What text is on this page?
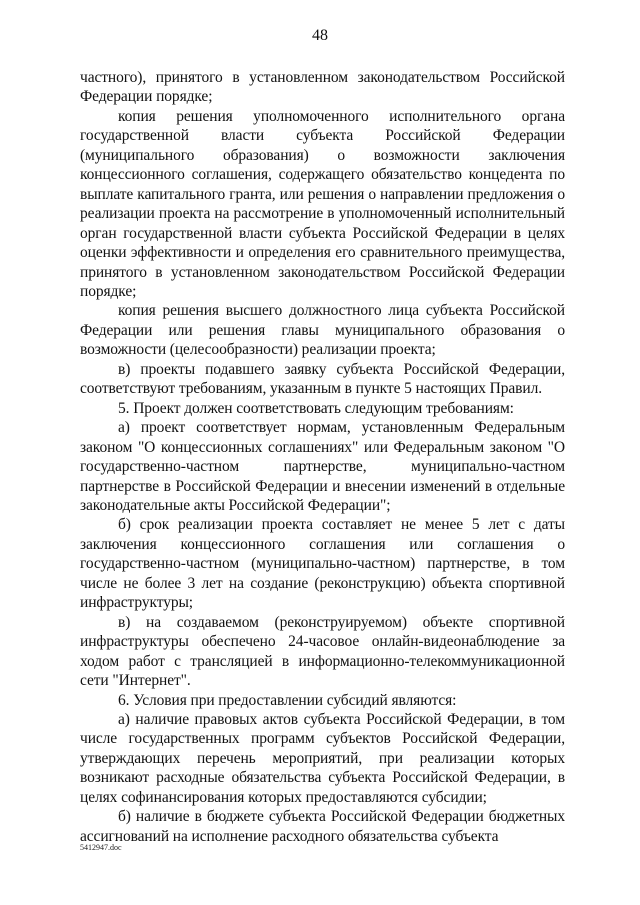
48

частного), принятого в установленном законодательством Российской Федерации порядке;

копия решения уполномоченного исполнительного органа государственной власти субъекта Российской Федерации (муниципального образования) о возможности заключения концессионного соглашения, содержащего обязательство концедента по выплате капитального гранта, или решения о направлении предложения о реализации проекта на рассмотрение в уполномоченный исполнительный орган государственной власти субъекта Российской Федерации в целях оценки эффективности и определения его сравнительного преимущества, принятого в установленном законодательством Российской Федерации порядке;

копия решения высшего должностного лица субъекта Российской Федерации или решения главы муниципального образования о возможности (целесообразности) реализации проекта;

в) проекты подавшего заявку субъекта Российской Федерации, соответствуют требованиям, указанным в пункте 5 настоящих Правил.

5. Проект должен соответствовать следующим требованиям:

а) проект соответствует нормам, установленным Федеральным законом "О концессионных соглашениях" или Федеральным законом "О государственно-частном партнерстве, муниципально-частном партнерстве в Российской Федерации и внесении изменений в отдельные законодательные акты Российской Федерации";

б) срок реализации проекта составляет не менее 5 лет с даты заключения концессионного соглашения или соглашения о государственно-частном (муниципально-частном) партнерстве, в том числе не более 3 лет на создание (реконструкцию) объекта спортивной инфраструктуры;

в) на создаваемом (реконструируемом) объекте спортивной инфраструктуры обеспечено 24-часовое онлайн-видеонаблюдение за ходом работ с трансляцией в информационно-телекоммуникационной сети "Интернет".

6. Условия при предоставлении субсидий являются:

а) наличие правовых актов субъекта Российской Федерации, в том числе государственных программ субъектов Российской Федерации, утверждающих перечень мероприятий, при реализации которых возникают расходные обязательства субъекта Российской Федерации, в целях софинансирования которых предоставляются субсидии;

б) наличие в бюджете субъекта Российской Федерации бюджетных ассигнований на исполнение расходного обязательства субъекта

5412947.doc
